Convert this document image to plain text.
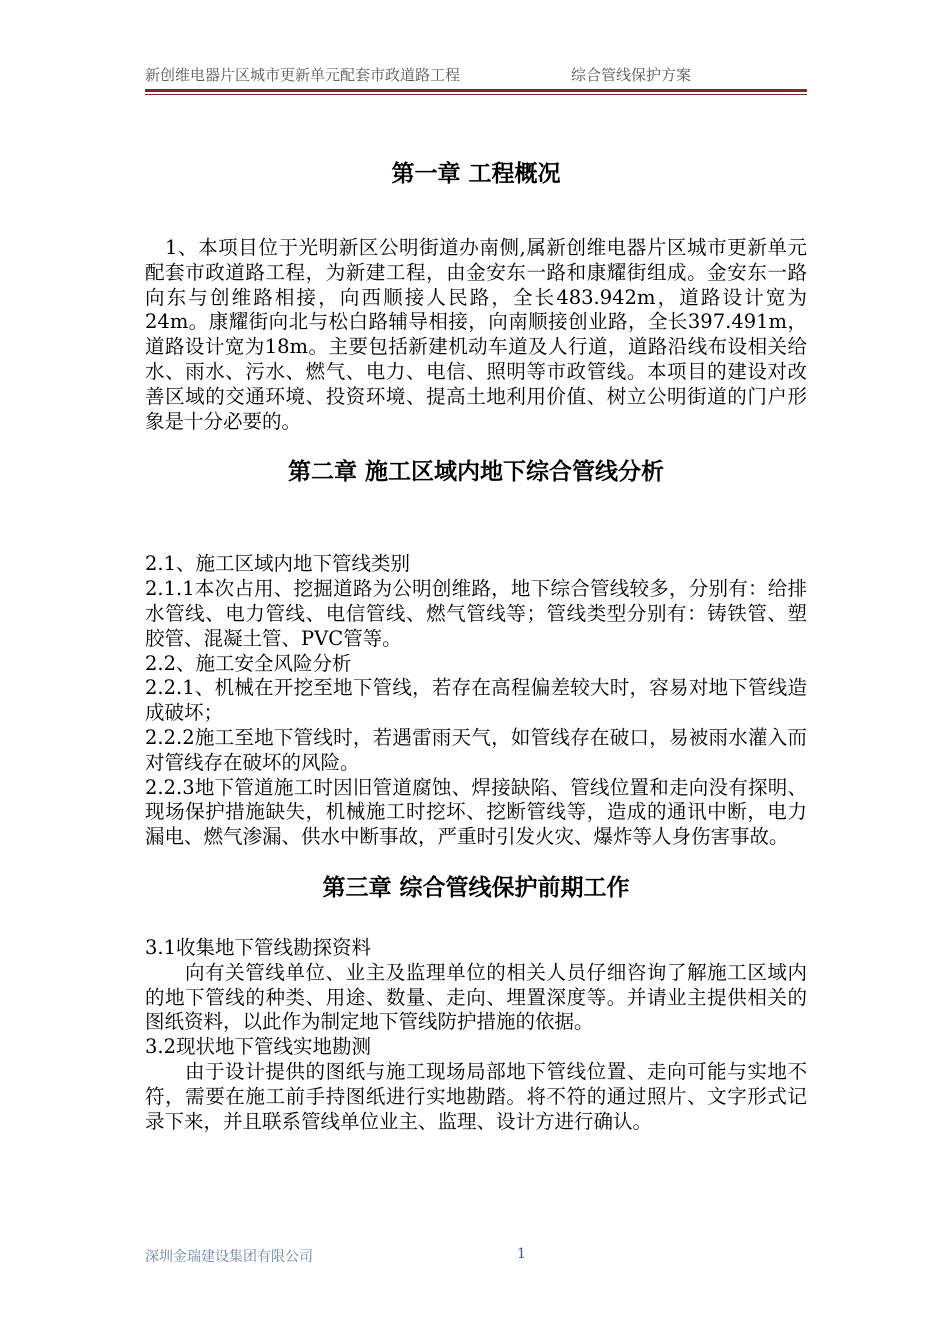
新创维电器片区城市更新单元配套市政道路工程	综合管线保护方案
第一章 工程概况

1、本项目位于光明新区公明街道办南侧,属新创维电器片区城市更新单元配套市政道路工程，为新建工程，由金安东一路和康耀街组成。金安东一路向东与创维路相接，向西顺接人民路，全长483.942m，道路设计宽为24m。康耀街向北与松白路辅导相接，向南顺接创业路，全长397.491m，道路设计宽为18m。主要包括新建机动车道及人行道，道路沿线布设相关给水、雨水、污水、燃气、电力、电信、照明等市政管线。本项目的建设对改善区域的交通环境、投资环境、提高土地利用价值、树立公明街道的门户形象是十分必要的。

第二章 施工区域内地下综合管线分析

2.1、施工区域内地下管线类别

2.1.1本次占用、挖掘道路为公明创维路，地下综合管线较多，分别有：给排水管线、电力管线、电信管线、燃气管线等；管线类型分别有：铸铁管、塑胶管、混凝土管、PVC管等。

2.2、施工安全风险分析

2.2.1、机械在开挖至地下管线，若存在高程偏差较大时，容易对地下管线造成破坏；

2.2.2施工至地下管线时，若遇雷雨天气，如管线存在破口，易被雨水灌入而对管线存在破坏的风险。

2.2.3地下管道施工时因旧管道腐蚀、焊接缺陷、管线位置和走向没有探明、现场保护措施缺失，机械施工时挖坏、挖断管线等，造成的通讯中断，电力漏电、燃气渗漏、供水中断事故，严重时引发火灾、爆炸等人身伤害事故。

第三章 综合管线保护前期工作

3.1收集地下管线勘探资料

向有关管线单位、业主及监理单位的相关人员仔细咨询了解施工区域内的地下管线的种类、用途、数量、走向、埋置深度等。并请业主提供相关的图纸资料，以此作为制定地下管线防护措施的依据。

3.2现状地下管线实地勘测

由于设计提供的图纸与施工现场局部地下管线位置、走向可能与实地不符，需要在施工前手持图纸进行实地勘踏。将不符的通过照片、文字形式记录下来，并且联系管线单位业主、监理、设计方进行确认。

深圳金瑞建设集团有限公司	1
